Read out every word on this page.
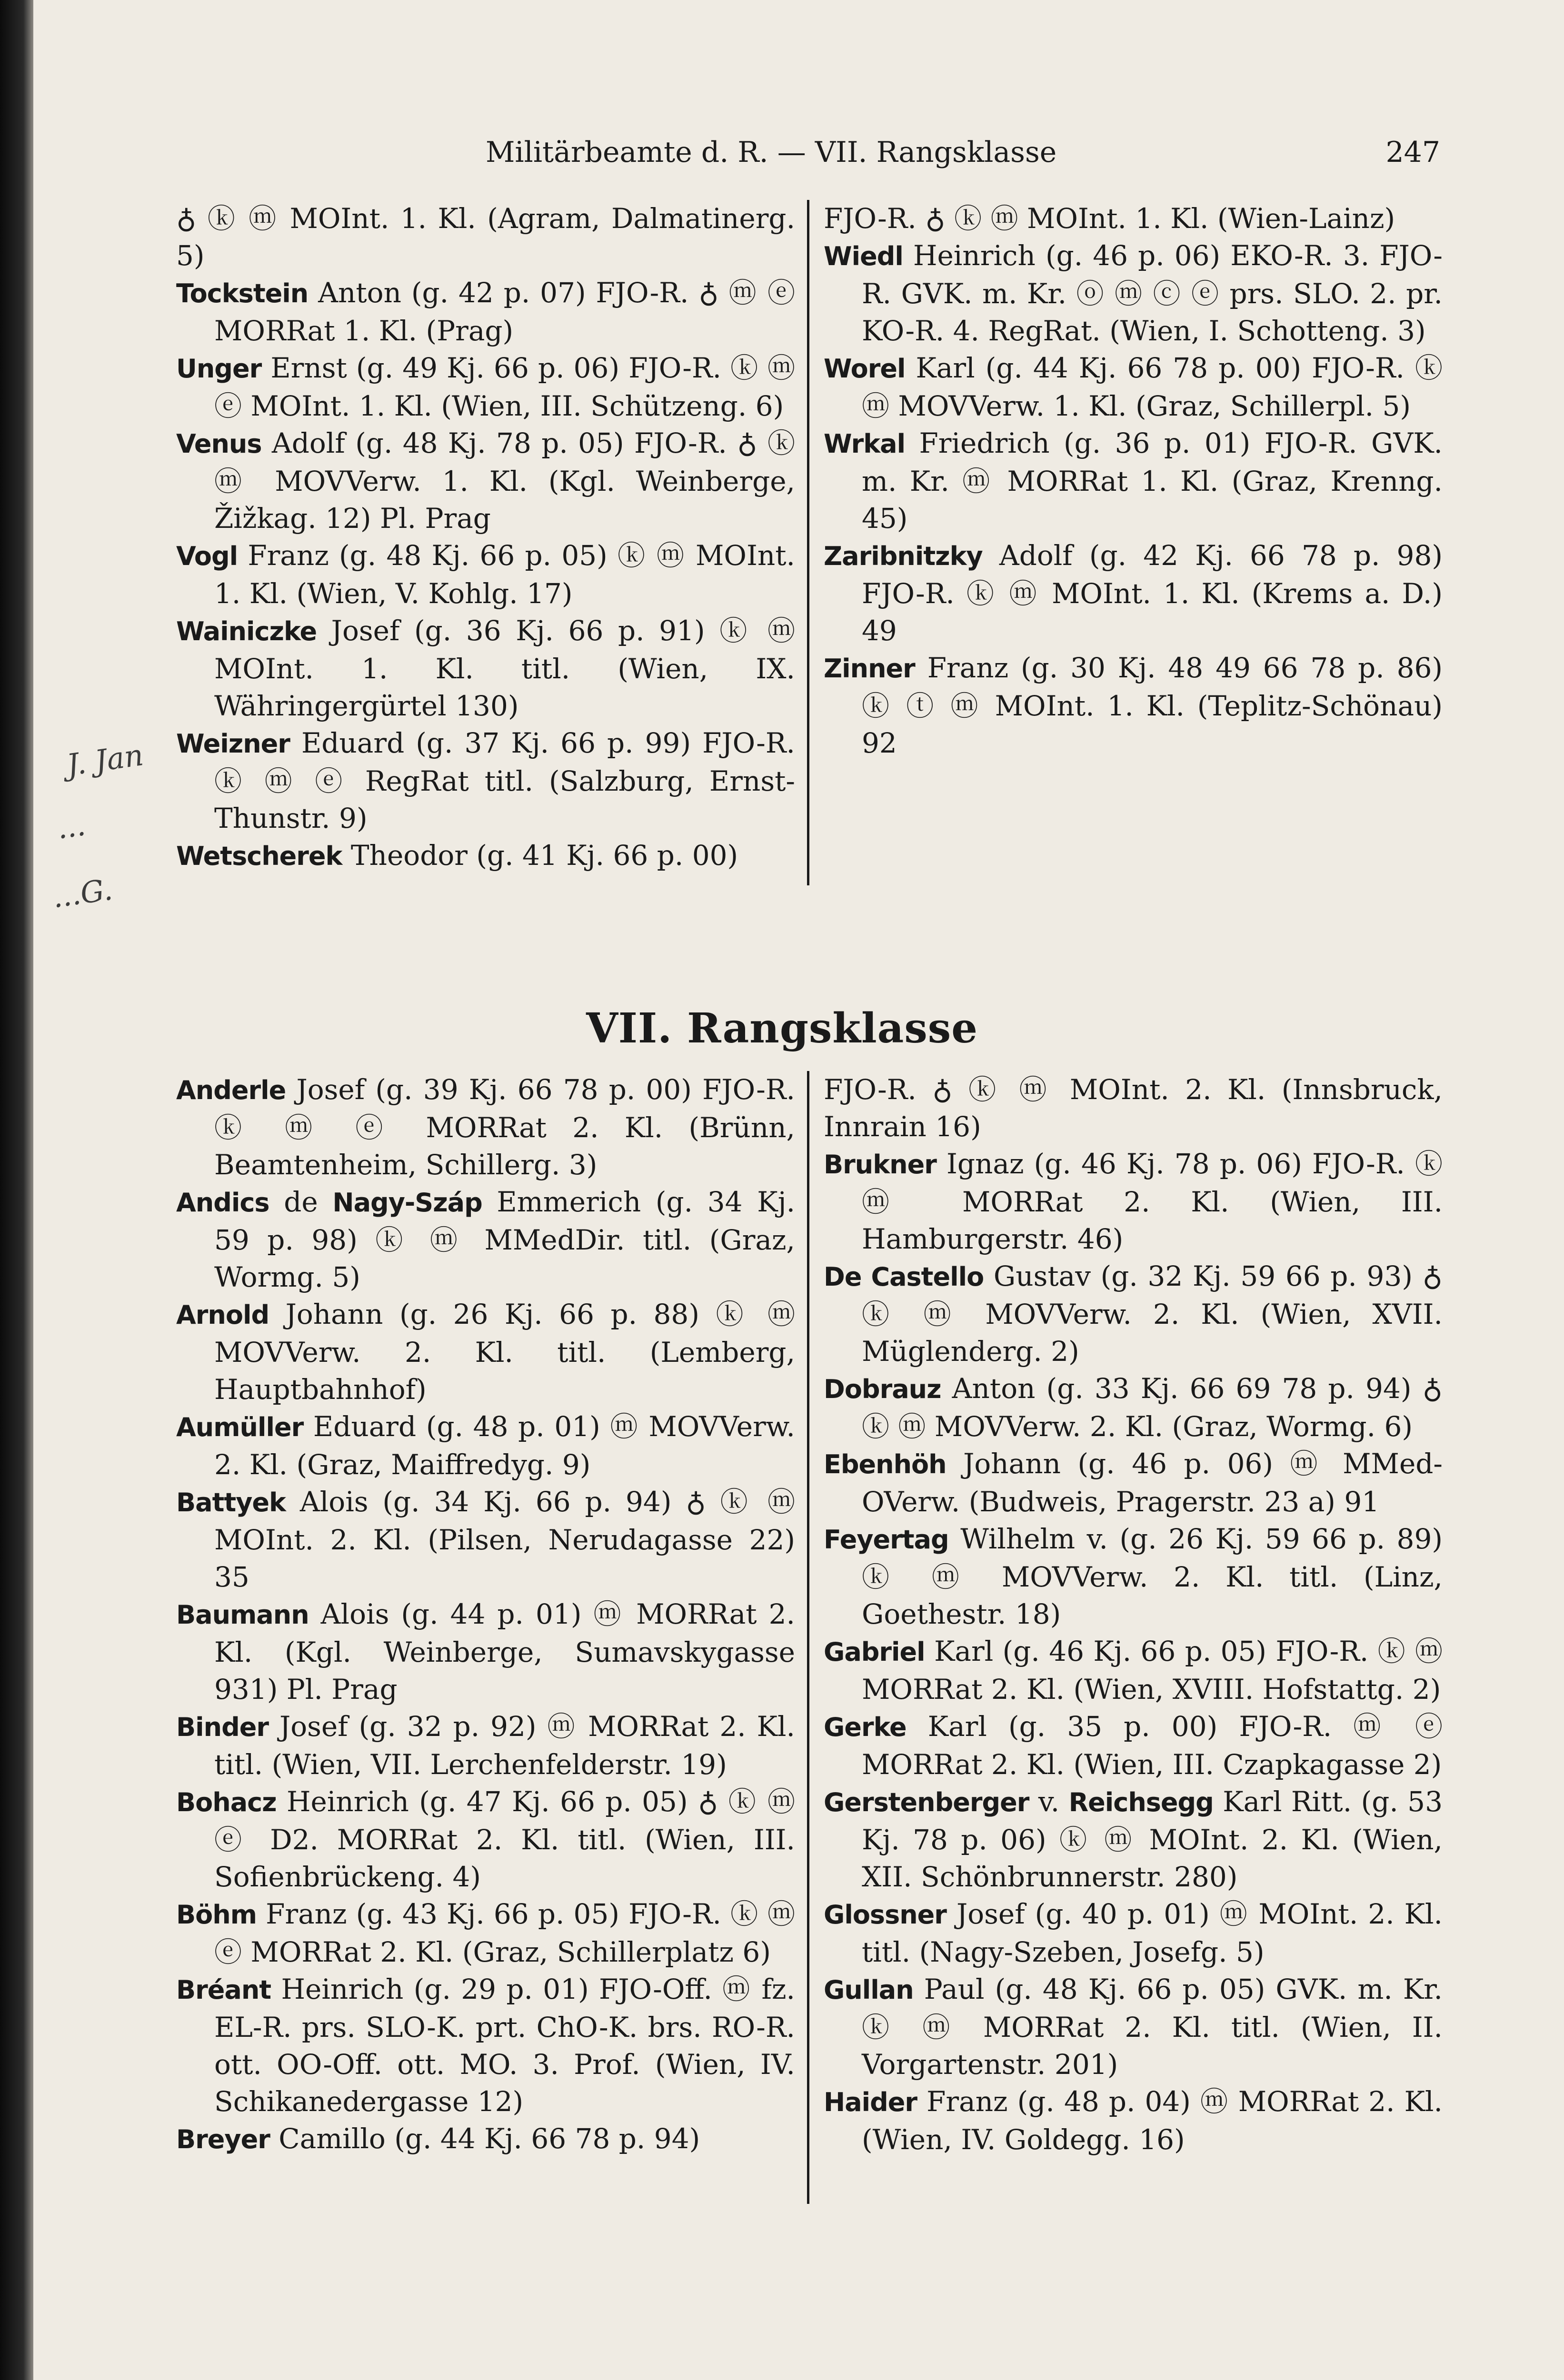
Militärbeamte d. R. — VII. Rangsklasse	247

♁ ⓚ ⓜ MOInt. 1. Kl. (Agram, Dalmatinerg. 5)

Tockstein Anton (g. 42 p. 07) FJO-R. ♁ ⓜ ⓔ MORRat 1. Kl. (Prag)

Unger Ernst (g. 49 Kj. 66 p. 06) FJO-R. ⓚ ⓜ ⓔ MOInt. 1. Kl. (Wien, III. Schützeng. 6)

Venus Adolf (g. 48 Kj. 78 p. 05) FJO-R. ♁ ⓚ ⓜ MOVVerw. 1. Kl. (Kgl. Weinberge, Žižkag. 12) Pl. Prag

Vogl Franz (g. 48 Kj. 66 p. 05) ⓚ ⓜ MOInt. 1. Kl. (Wien, V. Kohlg. 17)

Wainiczke Josef (g. 36 Kj. 66 p. 91) ⓚ ⓜ MOInt. 1. Kl. titl. (Wien, IX. Währingergürtel 130)

Weizner Eduard (g. 37 Kj. 66 p. 99) FJO-R. ⓚ ⓜ ⓔ RegRat titl. (Salzburg, Ernst-Thunstr. 9)

Wetscherek Theodor (g. 41 Kj. 66 p. 00)

FJO-R. ♁ ⓚ ⓜ MOInt. 1. Kl. (Wien-Lainz)

Wiedl Heinrich (g. 46 p. 06) EKO-R. 3. FJO-R. GVK. m. Kr. ⓞ ⓜ ⓒ ⓔ prs. SLO. 2. pr. KO-R. 4. RegRat. (Wien, I. Schotteng. 3)

Worel Karl (g. 44 Kj. 66 78 p. 00) FJO-R. ⓚ ⓜ MOVVerw. 1. Kl. (Graz, Schillerpl. 5)

Wrkal Friedrich (g. 36 p. 01) FJO-R. GVK. m. Kr. ⓜ MORRat 1. Kl. (Graz, Krenng. 45)

Zaribnitzky Adolf (g. 42 Kj. 66 78 p. 98) FJO-R. ⓚ ⓜ MOInt. 1. Kl. (Krems a. D.) 49

Zinner Franz (g. 30 Kj. 48 49 66 78 p. 86) ⓚ ⓣ ⓜ MOInt. 1. Kl. (Teplitz-Schönau) 92

VII. Rangsklasse

Anderle Josef (g. 39 Kj. 66 78 p. 00) FJO-R. ⓚ ⓜ ⓔ MORRat 2. Kl. (Brünn, Beamtenheim, Schillerg. 3)

Andics de Nagy-Száp Emmerich (g. 34 Kj. 59 p. 98) ⓚ ⓜ MMedDir. titl. (Graz, Wormg. 5)

Arnold Johann (g. 26 Kj. 66 p. 88) ⓚ ⓜ MOVVerw. 2. Kl. titl. (Lemberg, Hauptbahnhof)

Aumüller Eduard (g. 48 p. 01) ⓜ MOVVerw. 2. Kl. (Graz, Maiffredyg. 9)

Battyek Alois (g. 34 Kj. 66 p. 94) ♁ ⓚ ⓜ MOInt. 2. Kl. (Pilsen, Nerudagasse 22) 35

Baumann Alois (g. 44 p. 01) ⓜ MORRat 2. Kl. (Kgl. Weinberge, Sumavskygasse 931) Pl. Prag

Binder Josef (g. 32 p. 92) ⓜ MORRat 2. Kl. titl. (Wien, VII. Lerchenfelderstr. 19)

Bohacz Heinrich (g. 47 Kj. 66 p. 05) ♁ ⓚ ⓜ ⓔ D2. MORRat 2. Kl. titl. (Wien, III. Sofienbrückeng. 4)

Böhm Franz (g. 43 Kj. 66 p. 05) FJO-R. ⓚ ⓜ ⓔ MORRat 2. Kl. (Graz, Schillerplatz 6)

Bréant Heinrich (g. 29 p. 01) FJO-Off. ⓜ fz. EL-R. prs. SLO-K. prt. ChO-K. brs. RO-R. ott. OO-Off. ott. MO. 3. Prof. (Wien, IV. Schikanedergasse 12)

Breyer Camillo (g. 44 Kj. 66 78 p. 94)

FJO-R. ♁ ⓚ ⓜ MOInt. 2. Kl. (Innsbruck, Innrain 16)

Brukner Ignaz (g. 46 Kj. 78 p. 06) FJO-R. ⓚ ⓜ MORRat 2. Kl. (Wien, III. Hamburgerstr. 46)

De Castello Gustav (g. 32 Kj. 59 66 p. 93) ♁ ⓚ ⓜ MOVVerw. 2. Kl. (Wien, XVII. Müglenderg. 2)

Dobrauz Anton (g. 33 Kj. 66 69 78 p. 94) ♁ ⓚ ⓜ MOVVerw. 2. Kl. (Graz, Wormg. 6)

Ebenhöh Johann (g. 46 p. 06) ⓜ MMed-OVerw. (Budweis, Pragerstr. 23 a) 91

Feyertag Wilhelm v. (g. 26 Kj. 59 66 p. 89) ⓚ ⓜ MOVVerw. 2. Kl. titl. (Linz, Goethestr. 18)

Gabriel Karl (g. 46 Kj. 66 p. 05) FJO-R. ⓚ ⓜ MORRat 2. Kl. (Wien, XVIII. Hofstattg. 2)

Gerke Karl (g. 35 p. 00) FJO-R. ⓜ ⓔ MORRat 2. Kl. (Wien, III. Czapkagasse 2)

Gerstenberger v. Reichsegg Karl Ritt. (g. 53 Kj. 78 p. 06) ⓚ ⓜ MOInt. 2. Kl. (Wien, XII. Schönbrunnerstr. 280)

Glossner Josef (g. 40 p. 01) ⓜ MOInt. 2. Kl. titl. (Nagy-Szeben, Josefg. 5)

Gullan Paul (g. 48 Kj. 66 p. 05) GVK. m. Kr. ⓚ ⓜ MORRat 2. Kl. titl. (Wien, II. Vorgartenstr. 201)

Haider Franz (g. 48 p. 04) ⓜ MORRat 2. Kl. (Wien, IV. Goldegg. 16)

J. Jan
...
...G.
